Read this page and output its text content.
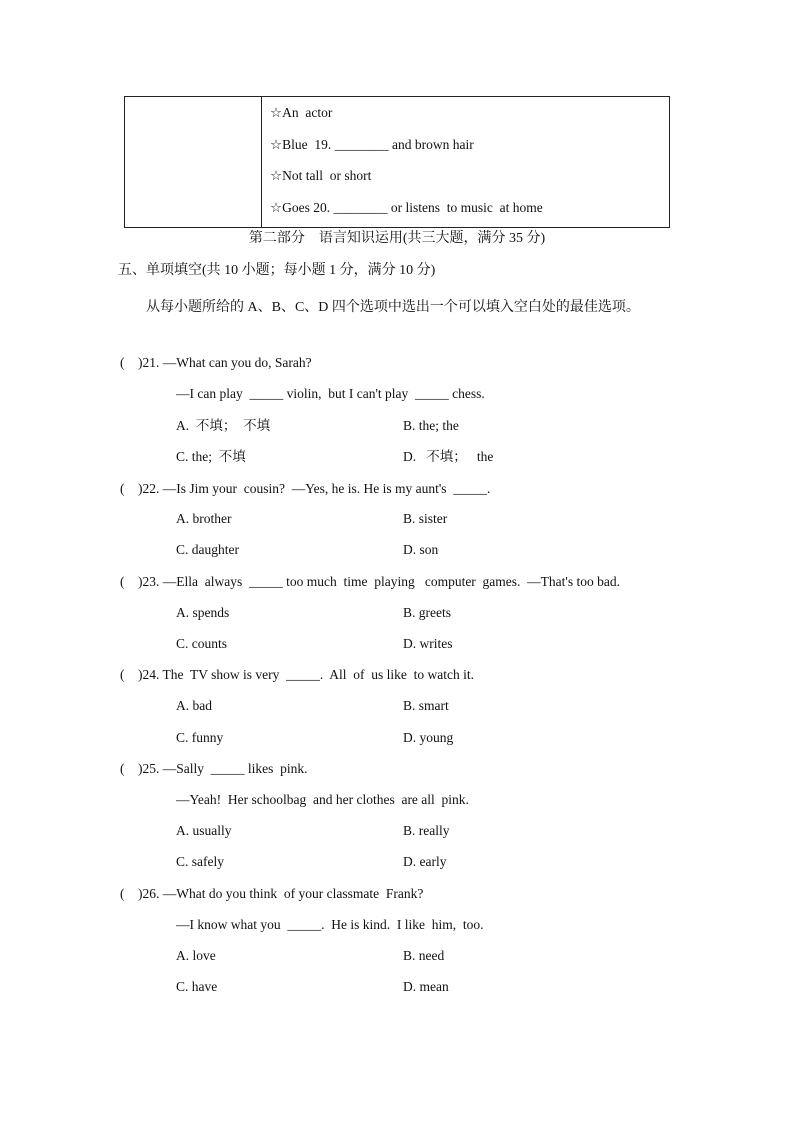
☆An  actor
☆Blue  19. ________ and brown hair
☆Not tall  or short
☆Goes 20. ________ or listens  to music  at home
第二部分    语言知识运用(共三大题，满分 35 分)
五、单项填空(共 10 小题；每小题 1 分，满分 10 分)
从每小题所给的 A、B、C、D 四个选项中选出一个可以填入空白处的最佳选项。
(    )21. —What can you do, Sarah?
—I can play  _____ violin,  but I can't play  _____ chess.
A.  不填；  不填	B. the; the
C. the;  不填	D.   不填；   the
(    )22. —Is Jim your  cousin?  —Yes, he is. He is my aunt's  _____.
A. brother	B. sister
C. daughter	D. son
(    )23. —Ella  always  _____ too much  time  playing   computer  games.  —That's too bad.
A. spends	B. greets
C. counts	D. writes
(    )24. The  TV show is very  _____.  All  of  us like  to watch it.
A. bad	B. smart
C. funny	D. young
(    )25. —Sally  _____ likes  pink.
—Yeah!  Her schoolbag  and her clothes  are all  pink.
A. usually	B. really
C. safely	D. early
(    )26. —What do you think  of your classmate  Frank?
—I know what you  _____.  He is kind.  I like  him,  too.
A. love	B. need
C. have	D. mean
